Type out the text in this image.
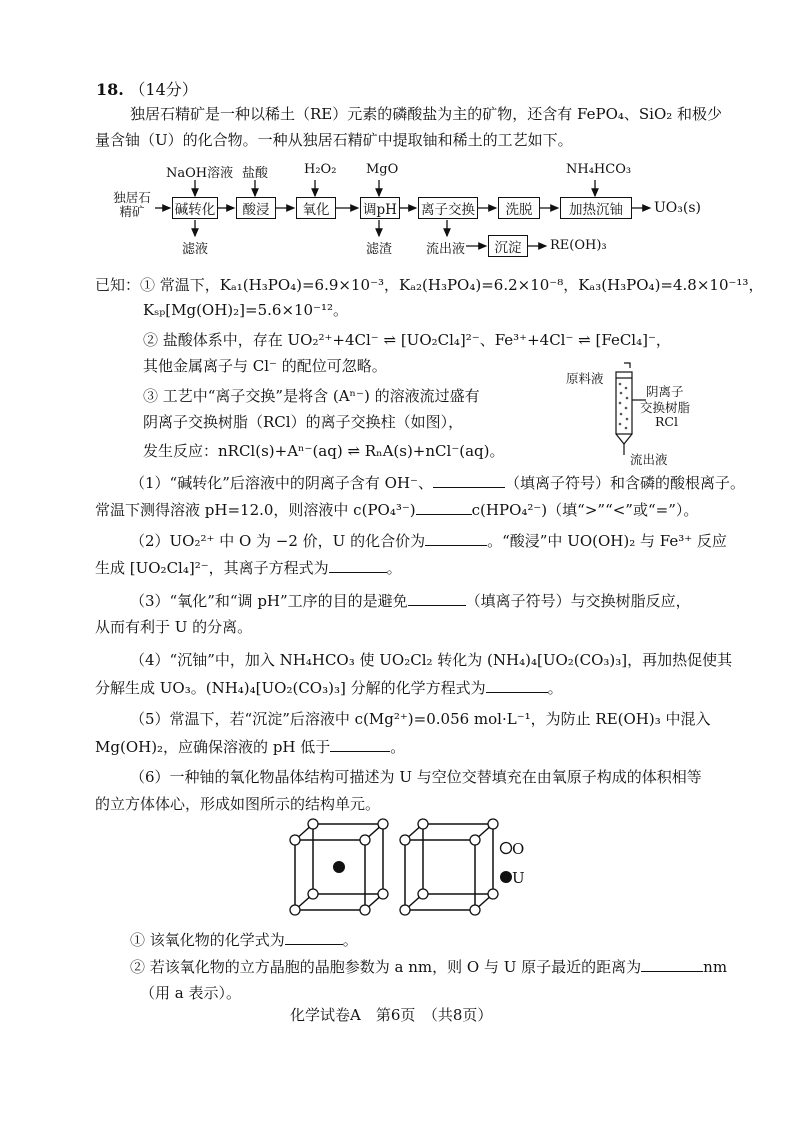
18. （14分）
独居石精矿是一种以稀土（RE）元素的磷酸盐为主的矿物，还含有 FePO₄、SiO₂ 和极少
量含铀（U）的化合物。一种从独居石精矿中提取铀和稀土的工艺如下。
独居石精矿
NaOH溶液 盐酸	H₂O₂ MgO	NH₄HCO₃
碱转化	酸浸	氧化	调pH 离子交换	洗脱	加热沉铀	UO₃(s)
滤液	滤渣	流出液	沉淀	RE(OH)₃
已知：① 常温下，Kₐ₁(H₃PO₄)=6.9×10⁻³，Kₐ₂(H₃PO₄)=6.2×10⁻⁸，Kₐ₃(H₃PO₄)=4.8×10⁻¹³，
Kₛₚ[Mg(OH)₂]=5.6×10⁻¹²。
② 盐酸体系中，存在 UO₂²⁺+4Cl⁻ ⇌ [UO₂Cl₄]²⁻、Fe³⁺+4Cl⁻ ⇌ [FeCl₄]⁻，
其他金属离子与 Cl⁻ 的配位可忽略。
③ 工艺中“离子交换”是将含 (Aⁿ⁻) 的溶液流过盛有
阴离子交换树脂（RCl）的离子交换柱（如图），
发生反应：nRCl(s)+Aⁿ⁻(aq) ⇌ RₙA(s)+nCl⁻(aq)。
原料液
阴离子
交换树脂
RCl
流出液
（1）“碱转化”后溶液中的阴离子含有 OH⁻、	（填离子符号）和含磷的酸根离子。
常温下测得溶液 pH=12.0，则溶液中 c(PO₄³⁻)	c(HPO₄²⁻)（填“>”“<”或“=”）。
（2）UO₂²⁺ 中 O 为 −2 价，U 的化合价为	。“酸浸”中 UO(OH)₂ 与 Fe³⁺ 反应
生成 [UO₂Cl₄]²⁻，其离子方程式为	。
（3）“氧化”和“调 pH”工序的目的是避免	（填离子符号）与交换树脂反应，
从而有利于 U 的分离。
（4）“沉铀”中，加入 NH₄HCO₃ 使 UO₂Cl₂ 转化为 (NH₄)₄[UO₂(CO₃)₃]，再加热促使其
分解生成 UO₃。(NH₄)₄[UO₂(CO₃)₃] 分解的化学方程式为	。
（5）常温下，若“沉淀”后溶液中 c(Mg²⁺)=0.056 mol·L⁻¹，为防止 RE(OH)₃ 中混入
Mg(OH)₂，应确保溶液的 pH 低于	。
（6）一种铀的氧化物晶体结构可描述为 U 与空位交替填充在由氧原子构成的体积相等
的立方体体心，形成如图所示的结构单元。
O
U
① 该氧化物的化学式为	。
② 若该氧化物的立方晶胞的晶胞参数为 a nm，则 O 与 U 原子最近的距离为	nm
（用 a 表示）。
化学试卷A　第6页　（共8页）
